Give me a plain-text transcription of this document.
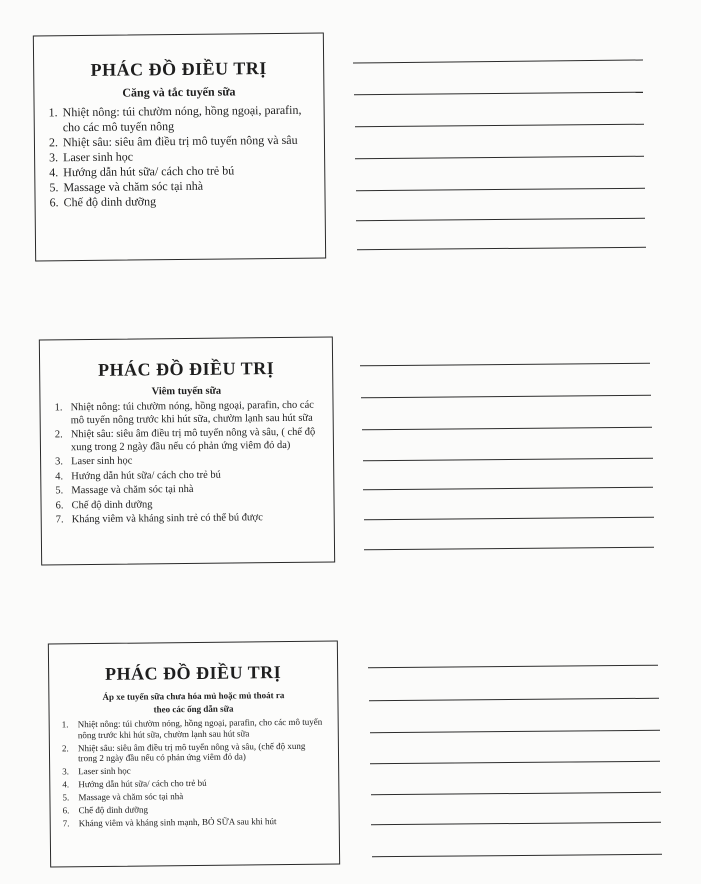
PHÁC ĐỒ ĐIỀU TRỊ

Căng và tắc tuyến sữa

1. Nhiệt nông: túi chườm nóng, hồng ngoại, parafin, cho các mô tuyến nông
2. Nhiệt sâu: siêu âm điều trị mô tuyến nông và sâu
3. Laser sinh học
4. Hướng dẫn hút sữa/ cách cho trẻ bú
5. Massage và chăm sóc tại nhà
6. Chế độ dinh dưỡng

PHÁC ĐỒ ĐIỀU TRỊ

Viêm tuyến sữa

1. Nhiệt nông: túi chườm nóng, hồng ngoại, parafin, cho các mô tuyến nông trước khi hút sữa, chườm lạnh sau hút sữa
2. Nhiệt sâu: siêu âm điều trị mô tuyến nông và sâu, ( chế độ xung trong 2 ngày đầu nếu có phản ứng viêm đỏ da)
3. Laser sinh học
4. Hướng dẫn hút sữa/ cách cho trẻ bú
5. Massage và chăm sóc tại nhà
6. Chế độ dinh dưỡng
7. Kháng viêm và kháng sinh trẻ có thể bú được

PHÁC ĐỒ ĐIỀU TRỊ

Áp xe tuyến sữa chưa hóa mủ hoặc mủ thoát ra
theo các ống dẫn sữa

1. Nhiệt nông: túi chườm nóng, hồng ngoại, parafin, cho các mô tuyến nông trước khi hút sữa, chườm lạnh sau hút sữa
2. Nhiệt sâu: siêu âm điều trị mô tuyến nông và sâu, (chế độ xung trong 2 ngày đầu nếu có phản ứng viêm đỏ da)
3. Laser sinh học
4. Hướng dẫn hút sữa/ cách cho trẻ bú
5. Massage và chăm sóc tại nhà
6. Chế độ dinh dưỡng
7. Kháng viêm và kháng sinh mạnh, BỎ SỮA sau khi hút
